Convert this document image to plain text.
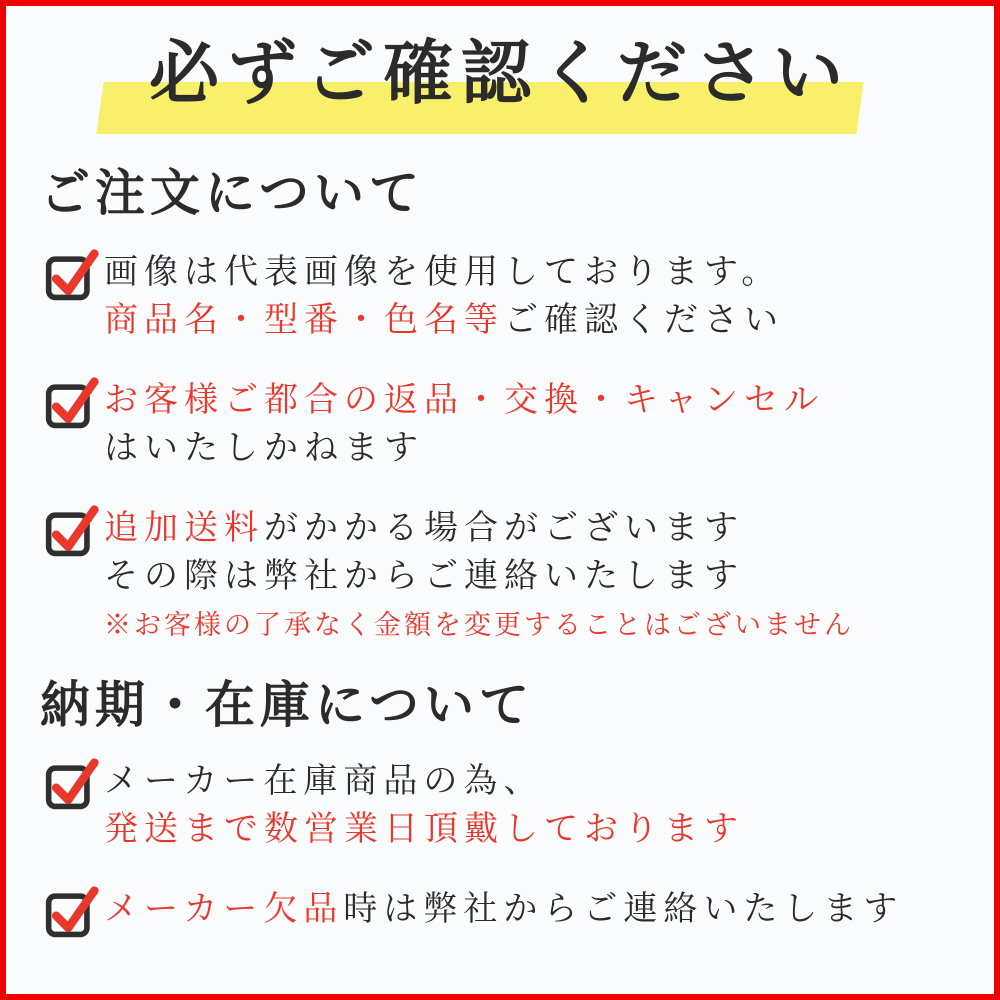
必ずご確認ください
ご注文について

画像は代表画像を使用しております。

商品名・型番・色名等ご確認ください

お客様ご都合の返品・交換・キャンセル

はいたしかねます

追加送料がかかる場合がございます

その際は弊社からご連絡いたします

※お客様の了承なく金額を変更することはございません

納期・在庫について

メーカー在庫商品の為、

発送まで数営業日頂戴しております

メーカー欠品時は弊社からご連絡いたします
